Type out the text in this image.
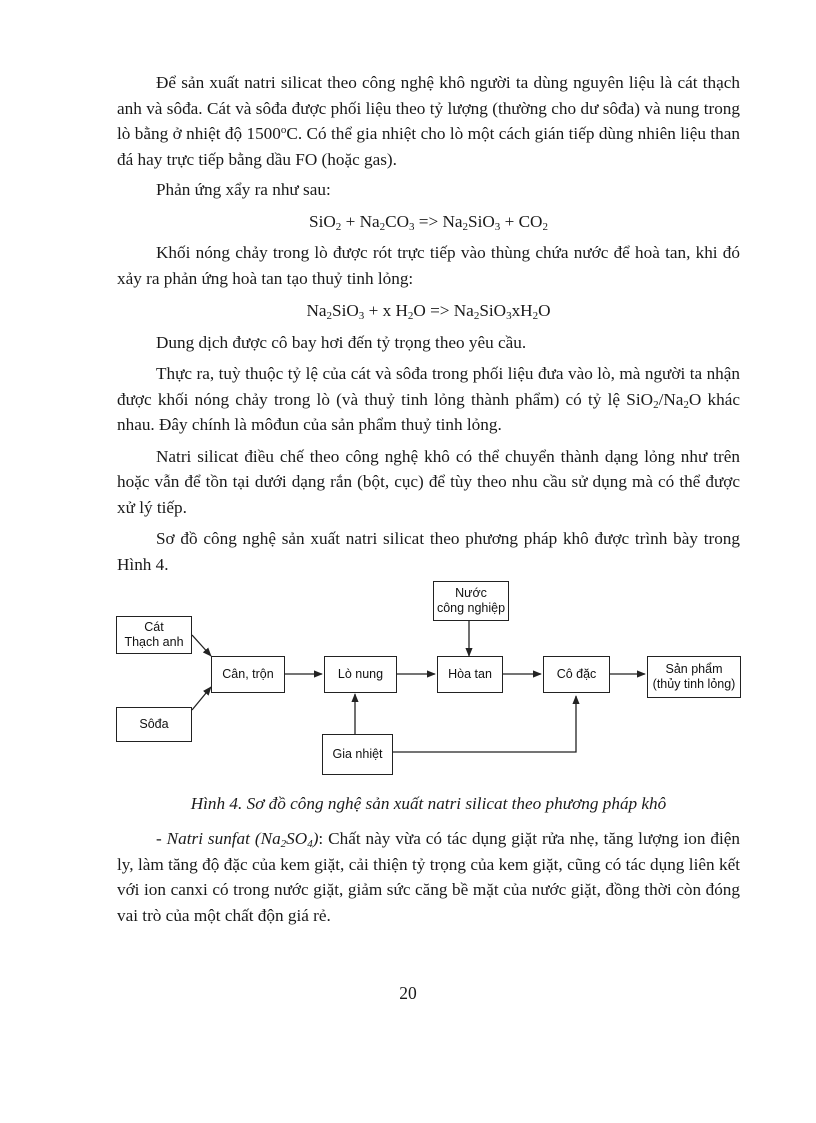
Để sản xuất natri silicat theo công nghệ khô người ta dùng nguyên liệu là cát thạch anh và sôđa. Cát và sôđa được phối liệu theo tỷ lượng (thường cho dư sôđa) và nung trong lò bằng ở nhiệt độ 1500$^o$C. Có thể gia nhiệt cho lò một cách gián tiếp dùng nhiên liệu than đá hay trực tiếp bằng dầu FO (hoặc gas).

Phản ứng xẩy ra như sau:

$SiO_2 + Na_2CO_3 => Na_2SiO_3 + CO_2$

Khối nóng chảy trong lò được rót trực tiếp vào thùng chứa nước để hoà tan, khi đó xảy ra phản ứng hoà tan tạo thuỷ tinh lỏng:

$Na_2SiO_3 + x$ $H_2O => Na_2SiO_3xH_2O$

Dung dịch được cô bay hơi đến tỷ trọng theo yêu cầu.

Thực ra, tuỳ thuộc tỷ lệ của cát và sôđa trong phối liệu đưa vào lò, mà người ta nhận được khối nóng chảy trong lò (và thuỷ tinh lỏng thành phẩm) có tỷ lệ $SiO_2/Na_2O$ khác nhau. Đây chính là môđun của sản phẩm thuỷ tinh lỏng.

Natri silicat điều chế theo công nghệ khô có thể chuyển thành dạng lỏng như trên hoặc vẫn để tồn tại dưới dạng rắn (bột, cục) để tùy theo nhu cầu sử dụng mà có thể được xử lý tiếp.

Sơ đồ công nghệ sản xuất natri silicat theo phương pháp khô được trình bày trong Hình 4.

Cát
Thạch anh
Sôđa
Cân, trộn	Lò nung
Nước
công nghiệp
Hòa tan	Cô đặc	Sản phẩm
(thủy tinh lỏng)
Gia nhiệt
Hình 4. Sơ đồ công nghệ sản xuất natri silicat theo phương pháp khô

- Natri sunfat $(Na_2SO_4)$: Chất này vừa có tác dụng giặt rửa nhẹ, tăng lượng ion điện ly, làm tăng độ đặc của kem giặt, cải thiện tỷ trọng của kem giặt, cũng có tác dụng liên kết với ion canxi có trong nước giặt, giảm sức căng bề mặt của nước giặt, đồng thời còn đóng vai trò của một chất độn giá rẻ.

20
